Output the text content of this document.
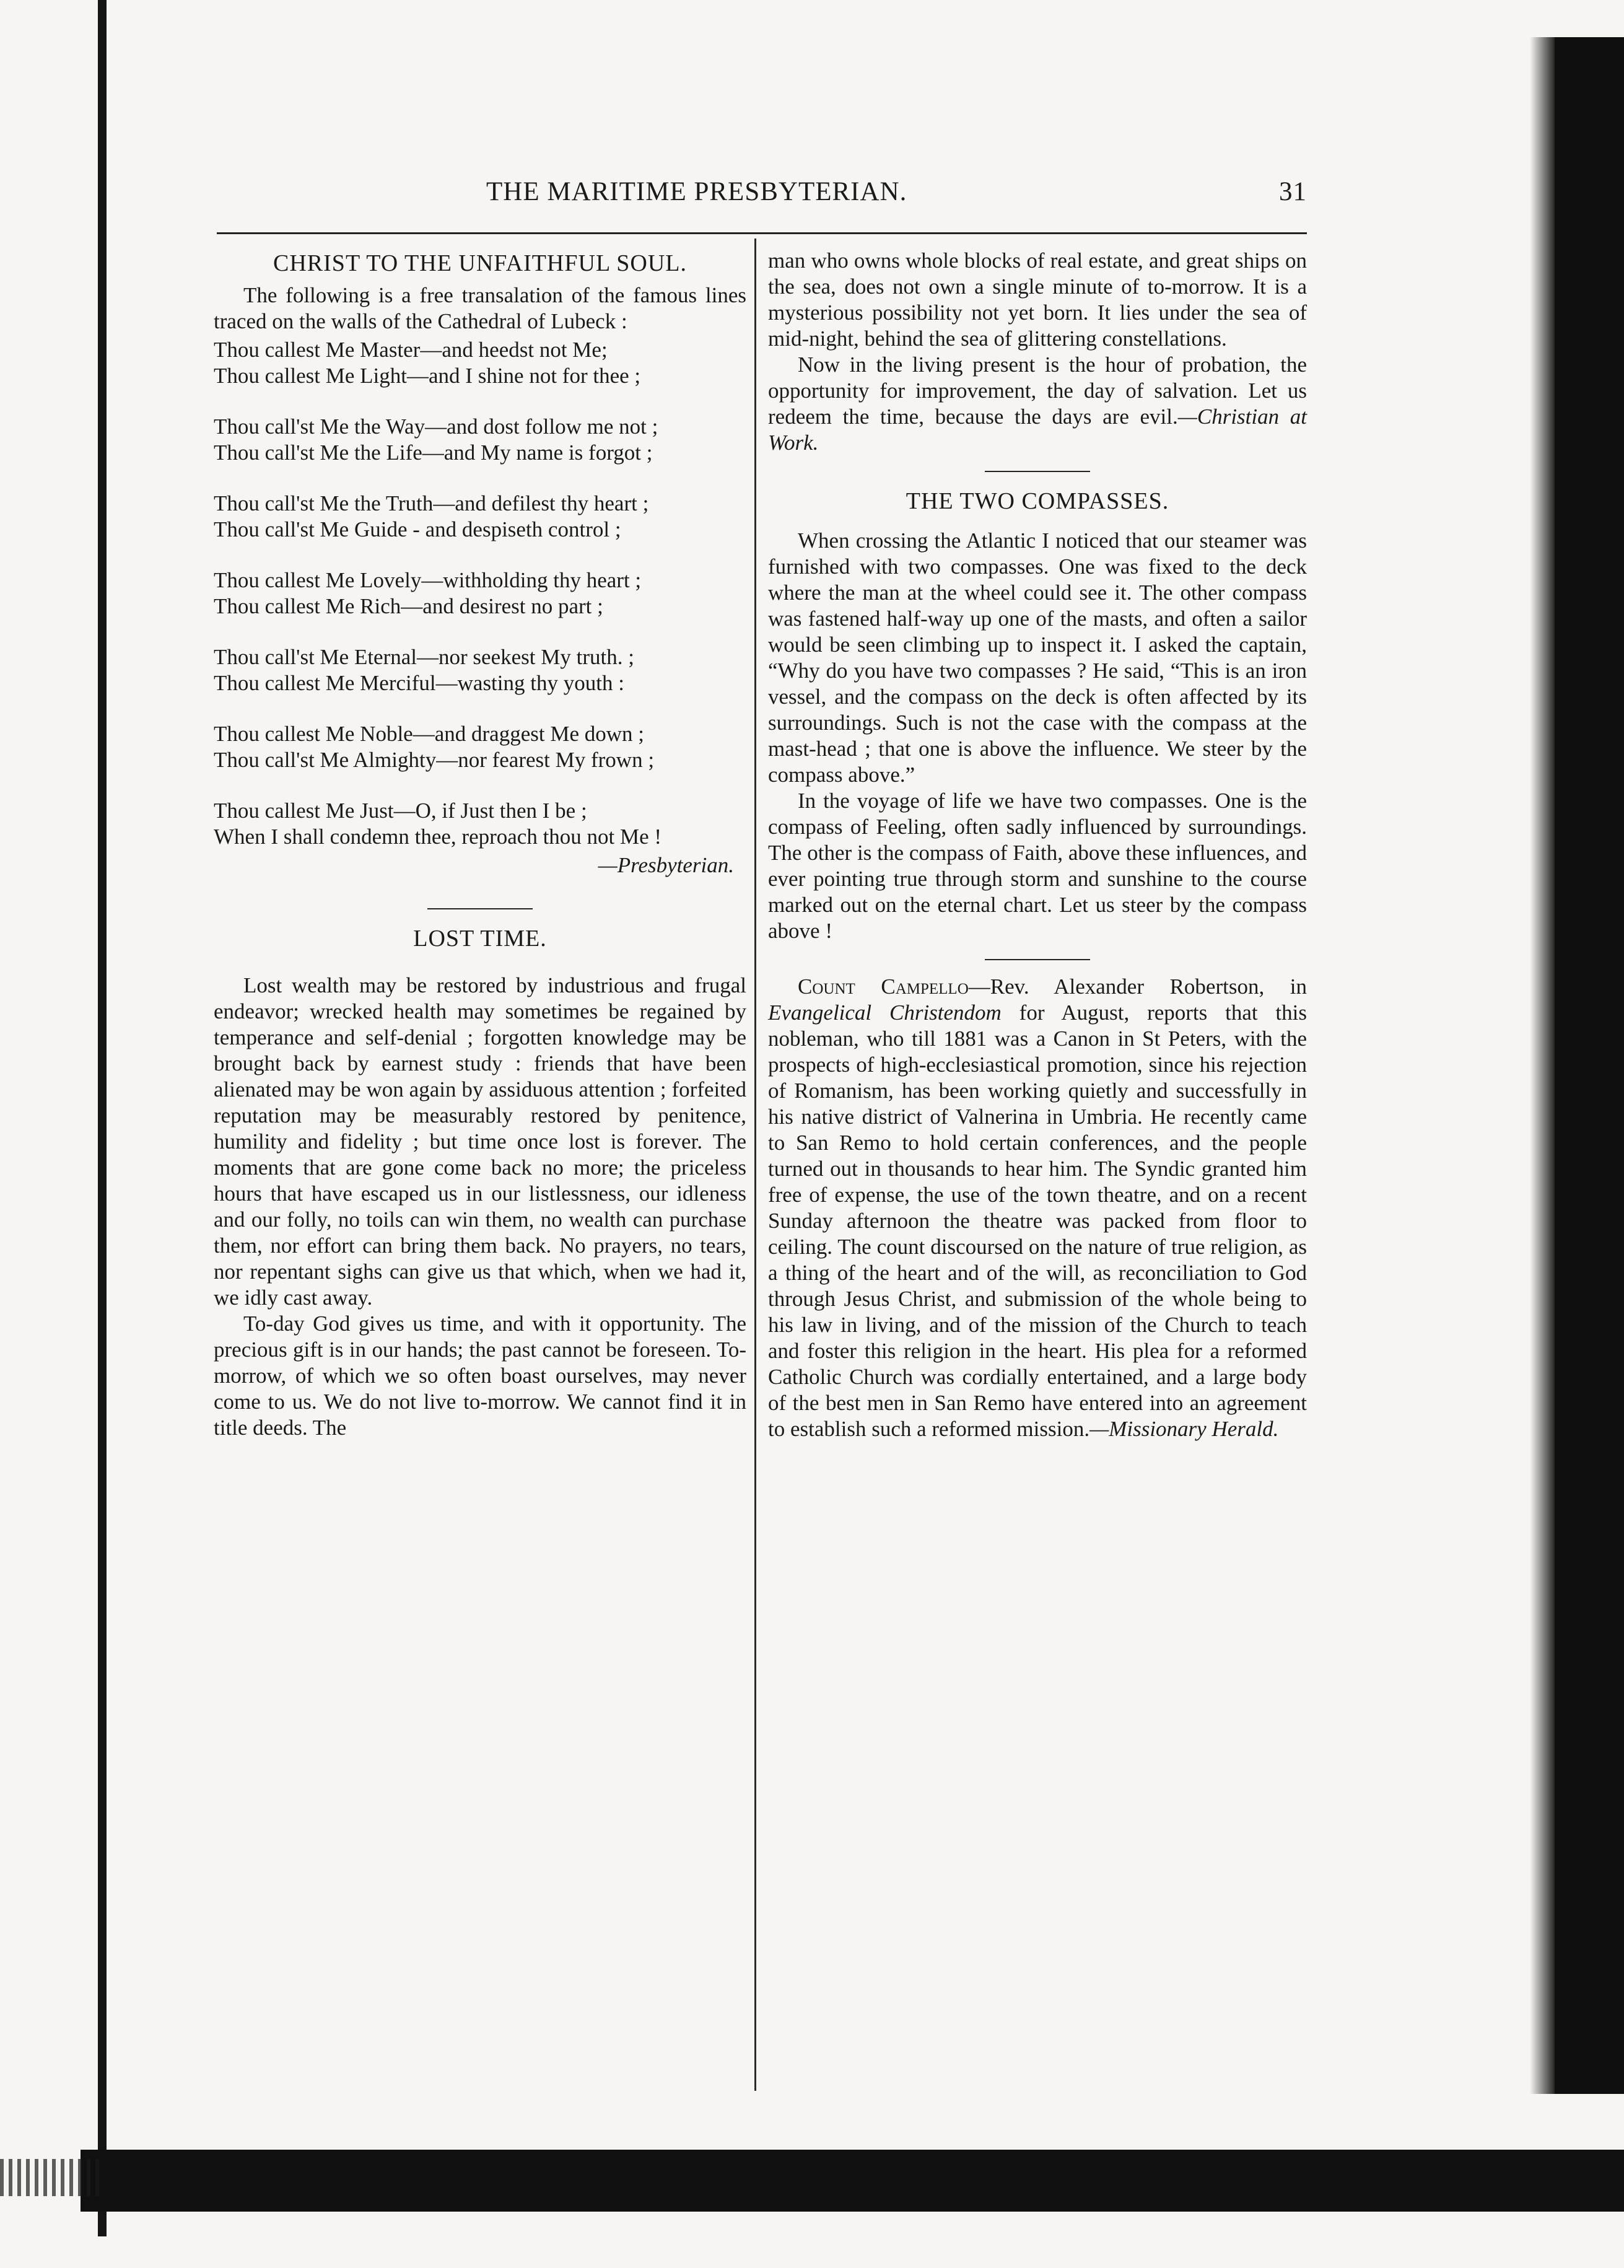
THE MARITIME PRESBYTERIAN.	31
CHRIST TO THE UNFAITHFUL SOUL.

The following is a free transalation of the famous lines traced on the walls of the Cathedral of Lubeck :

Thou callest Me Master—and heedst not Me;
Thou callest Me Light—and I shine not for thee ;
Thou call'st Me the Way—and dost follow me not ;
Thou call'st Me the Life—and My name is forgot ;
Thou call'st Me the Truth—and defilest thy heart ;
Thou call'st Me Guide - and despiseth control ;
Thou callest Me Lovely—withholding thy heart ;
Thou callest Me Rich—and desirest no part ;
Thou call'st Me Eternal—nor seekest My truth. ;
Thou callest Me Merciful—wasting thy youth :
Thou callest Me Noble—and draggest Me down ;
Thou call'st Me Almighty—nor fearest My frown ;
Thou callest Me Just—O, if Just then I be ;
When I shall condemn thee, reproach thou not Me !
—Presbyterian.
LOST TIME.

Lost wealth may be restored by industrious and frugal endeavor; wrecked health may sometimes be regained by temperance and self-denial ; forgotten knowledge may be brought back by earnest study : friends that have been alienated may be won again by assiduous attention ; forfeited reputation may be measurably restored by penitence, humility and fidelity ; but time once lost is forever. The moments that are gone come back no more; the priceless hours that have escaped us in our listlessness, our idleness and our folly, no toils can win them, no wealth can purchase them, nor effort can bring them back. No prayers, no tears, nor repentant sighs can give us that which, when we had it, we idly cast away.

To-day God gives us time, and with it opportunity. The precious gift is in our hands; the past cannot be foreseen. To-morrow, of which we so often boast ourselves, may never come to us. We do not live to-morrow. We cannot find it in title deeds. The

man who owns whole blocks of real estate, and great ships on the sea, does not own a single minute of to-morrow. It is a mysterious possibility not yet born. It lies under the sea of mid-night, behind the sea of glittering constellations.

Now in the living present is the hour of probation, the opportunity for improvement, the day of salvation. Let us redeem the time, because the days are evil.—Christian at Work.

THE TWO COMPASSES.

When crossing the Atlantic I noticed that our steamer was furnished with two compasses. One was fixed to the deck where the man at the wheel could see it. The other compass was fastened half-way up one of the masts, and often a sailor would be seen climbing up to inspect it. I asked the captain, “Why do you have two compasses ? He said, “This is an iron vessel, and the compass on the deck is often affected by its surroundings. Such is not the case with the compass at the mast-head ; that one is above the influence. We steer by the compass above.”

In the voyage of life we have two compasses. One is the compass of Feeling, often sadly influenced by surroundings. The other is the compass of Faith, above these influences, and ever pointing true through storm and sunshine to the course marked out on the eternal chart. Let us steer by the compass above !

Count Campello—Rev. Alexander Robertson, in Evangelical Christendom for August, reports that this nobleman, who till 1881 was a Canon in St Peters, with the prospects of high-ecclesiastical promotion, since his rejection of Romanism, has been working quietly and successfully in his native district of Valnerina in Umbria. He recently came to San Remo to hold certain conferences, and the people turned out in thousands to hear him. The Syndic granted him free of expense, the use of the town theatre, and on a recent Sunday afternoon the theatre was packed from floor to ceiling. The count discoursed on the nature of true religion, as a thing of the heart and of the will, as reconciliation to God through Jesus Christ, and submission of the whole being to his law in living, and of the mission of the Church to teach and foster this religion in the heart. His plea for a reformed Catholic Church was cordially entertained, and a large body of the best men in San Remo have entered into an agreement to establish such a reformed mission.—Missionary Herald.
